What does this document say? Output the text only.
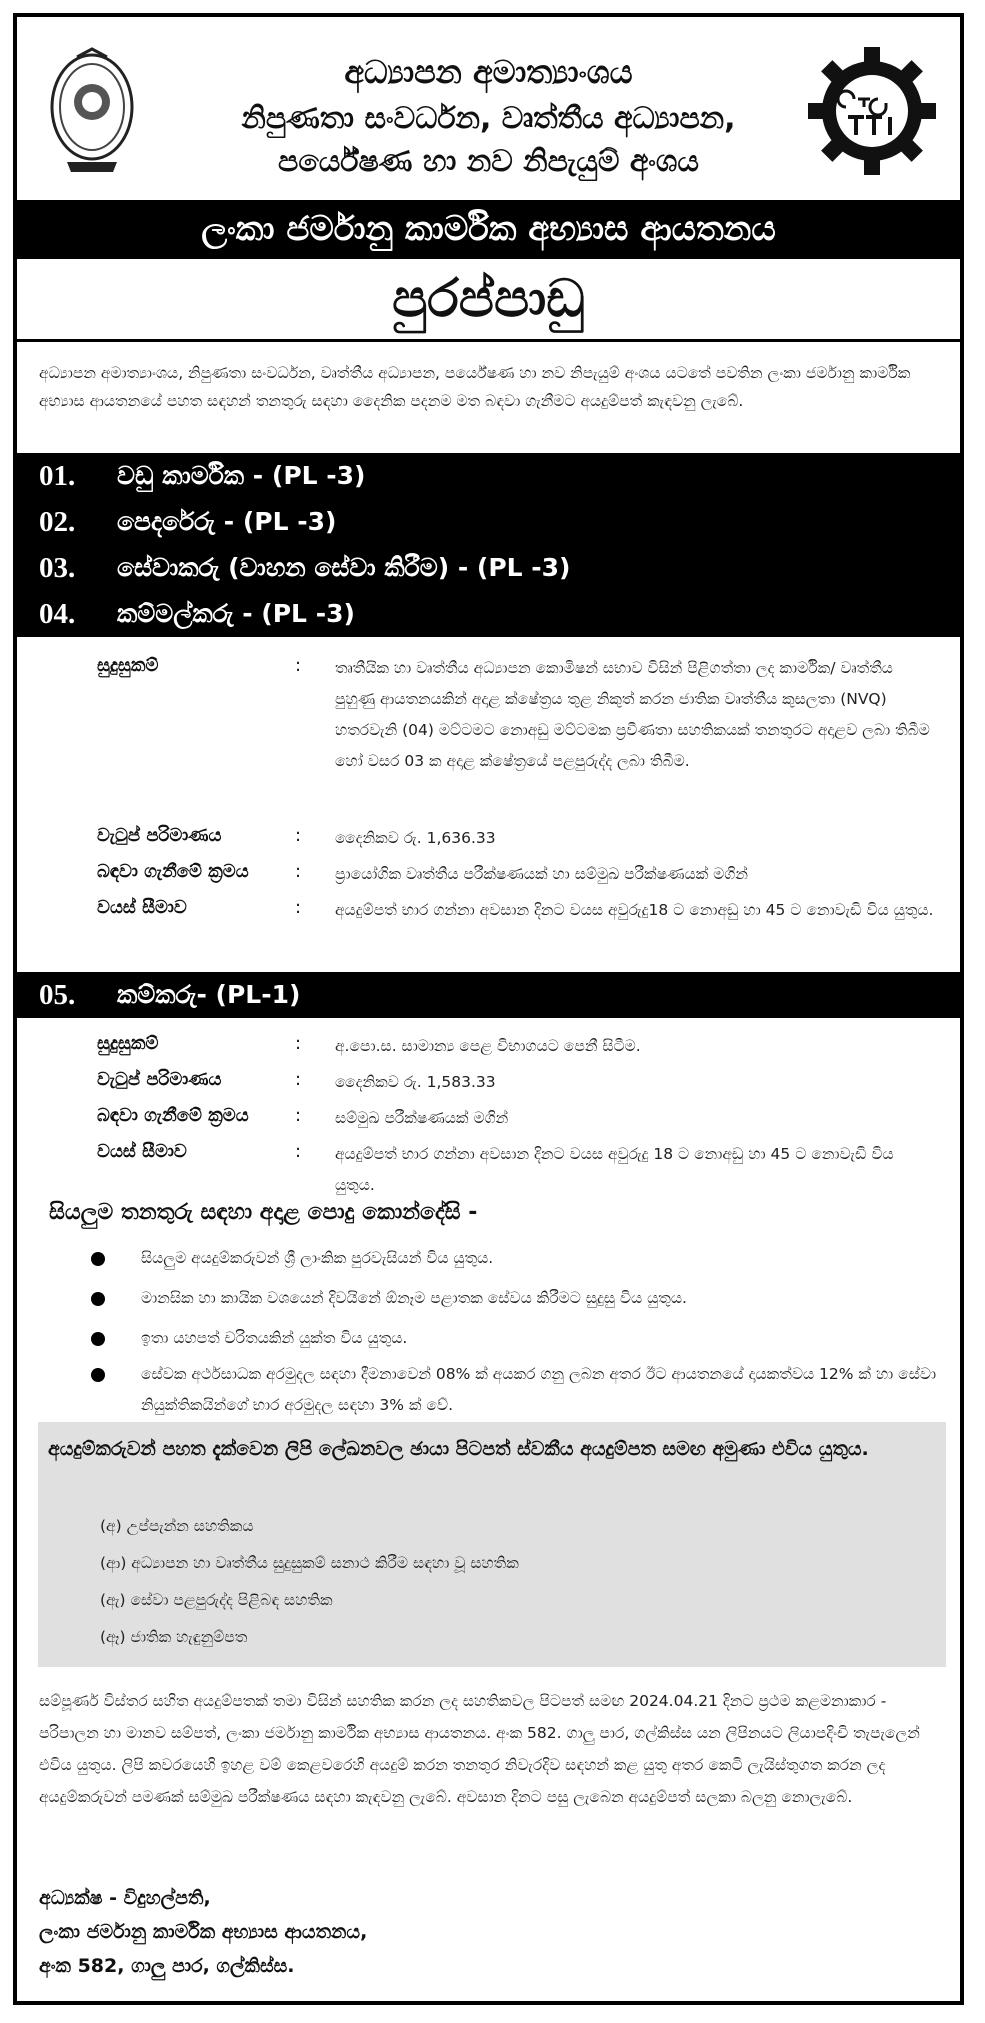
අධ්‍යාපන අමාත්‍යාංශය
නිපුණතා සංවර්ධන, වෘත්තීය අධ්‍යාපන,
පර්යේෂණ හා නව නිපැයුම් අංශය
ලංකා ජර්මානු කාර්මික අභ්‍යාස ආයතනය
පුරප්පාඩු
අධ්‍යාපන අමාත්‍යාංශය, නිපුණතා සංවර්ධන, වෘත්තීය අධ්‍යාපන, පර්යේෂණ හා නව නිපැයුම් අංශය යටතේ පවතින ලංකා ජර්මානු කාර්මික අභ්‍යාස ආයතනයේ පහත සඳහන් තනතුරු සඳහා දෛනික පදනම මත බඳවා ගැනීමට අයදුම්පත් කැඳවනු ලැබේ.
01. වඩු කාර්මික - (PL -3)
02. පෙදරේරු - (PL -3)
03. සේවාකරු (වාහන සේවා කිරීම) - (PL -3)
04. කම්මල්කරු - (PL -3)
සුදුසුකම්	: තෘතීයික හා වෘත්තීය අධ්‍යාපන කොමිෂන් සභාව විසින් පිළිගත්තා ලද කාර්මික/ වෘත්තීය පුහුණු ආයතනයකින් අදාළ ක්ෂේත්‍රය තුළ නිකුත් කරන ජාතික වෘත්තීය කුසලතා (NVQ) හතරවැනි (04) මට්ටමට නොඅඩු මට්ටමක ප්‍රවීණතා සහතිකයක් තනතුරට අදාළව ලබා තිබීම හෝ වසර 03 ක අදාළ ක්ෂේත්‍රයේ පළපුරුද්ද ලබා තිබීම.
වැටුප් පරිමාණය	: දෛනිකව රු. 1,636.33
බඳවා ගැනීමේ ක්‍රමය	: ප්‍රායෝගික වෘත්තීය පරීක්ෂණයක් හා සම්මුඛ පරීක්ෂණයක් මගින්
වයස් සීමාව	: අයදුම්පත් භාර ගන්නා අවසාන දිනට වයස අවුරුදු18 ට නොඅඩු හා 45 ට නොවැඩි විය යුතුය.
05. කම්කරු- (PL-1)
සුදුසුකම්	: අ.පො.ස. සාමාන්‍ය පෙළ විභාගයට පෙනී සිටීම.
වැටුප් පරිමාණය	: දෛනිකව රු. 1,583.33
බඳවා ගැනීමේ ක්‍රමය	: සම්මුඛ පරීක්ෂණයක් මගින්
වයස් සීමාව	: අයදුම්පත් භාර ගන්නා අවසාන දිනට වයස අවුරුදු 18 ට නොඅඩු හා 45 ට නොවැඩි විය යුතුය.
සියලුම තනතුරු සඳහා අදාළ පොදු කොන්දේසි -
සියලුම අයදුම්කරුවන් ශ්‍රී ලාංකික පුරවැසියන් විය යුතුය.
මානසික හා කායික වශයෙන් දිවයිනේ ඕනෑම පළාතක සේවය කිරීමට සුදුසු විය යුතුය.
ඉතා යහපත් චරිතයකින් යුක්ත විය යුතුය.
සේවක අර්ථසාධක අරමුදල සඳහා දීමනාවෙන් 08% ක් අයකර ගනු ලබන අතර ඊට ආයතනයේ දායකත්වය 12% ක් හා සේවා නියුක්තිකයින්ගේ භාර අරමුදල සඳහා 3% ක් වේ.
අයදුම්කරුවන් පහත දැක්වෙන ලිපි ලේඛනවල ඡායා පිටපත් ස්වකීය අයදුම්පත සමඟ අමුණා එවිය යුතුය.
(අ) උප්පැන්න සහතිකය
(ආ) අධ්‍යාපන හා වෘත්තීය සුදුසුකම් සනාථ කිරීම සඳහා වූ සහතික
(ඇ) සේවා පළපුරුද්ද පිළිබඳ සහතික
(ඈ) ජාතික හැඳුනුම්පත
සම්පූර්ණ විස්තර සහිත අයදුම්පතක් තමා විසින් සහතික කරන ලද සහතිකවල පිටපත් සමඟ 2024.04.21 දිනට ප්‍රථම කළමනාකාර - පරිපාලන හා මානව සම්පත්, ලංකා ජර්මානු කාර්මික අභ්‍යාස ආයතනය. අංක 582. ගාලු පාර, ගල්කිස්ස යන ලිපිනයට ලියාපදිංචි තැපැලෙන් එවිය යුතුය. ලිපි කවරයෙහි ඉහළ වම් කෙළවරෙහි අයදුම් කරන තනතුර නිවැරදිව සඳහන් කළ යුතු අතර කෙටි ලැයිස්තුගත කරන ලද අයදුම්කරුවන් පමණක් සම්මුඛ පරීක්ෂණය සඳහා කැඳවනු ලැබේ. අවසාන දිනට පසු ලැබෙන අයදුම්පත් සලකා බලනු නොලැබේ.
අධ්‍යක්ෂ - විදුහල්පති,
ලංකා ජර්මානු කාර්මික අභ්‍යාස ආයතනය,
අංක 582, ගාලු පාර, ගල්කිස්ස.
